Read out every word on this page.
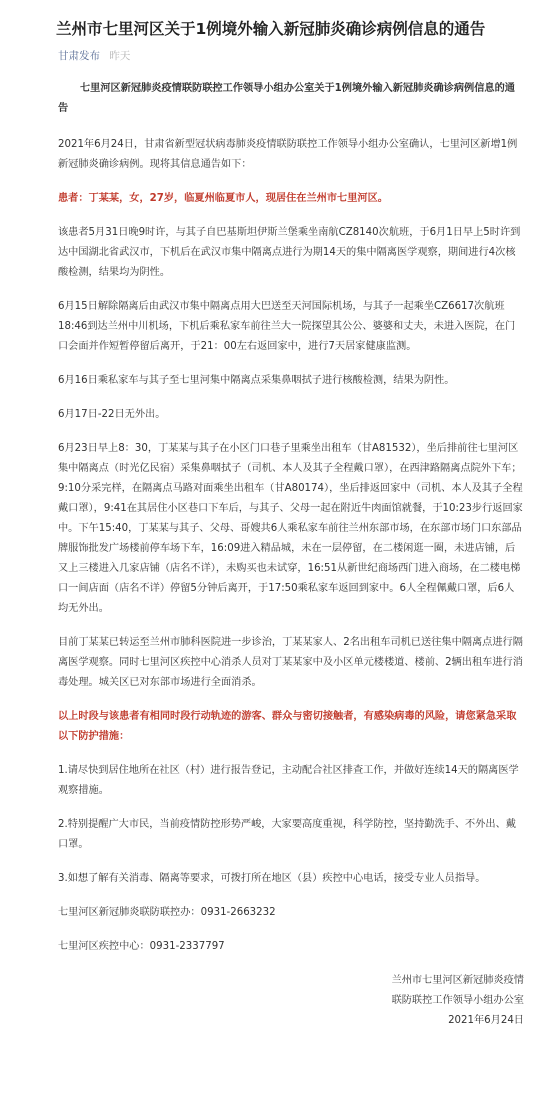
兰州市七里河区关于1例境外输入新冠肺炎确诊病例信息的通告
甘肃发布 昨天

七里河区新冠肺炎疫情联防联控工作领导小组办公室关于1例境外输入新冠肺炎确诊病例信息的通告

2021年6月24日，甘肃省新型冠状病毒肺炎疫情联防联控工作领导小组办公室确认，七里河区新增1例新冠肺炎确诊病例。现将其信息通告如下：

患者：丁某某，女，27岁，临夏州临夏市人，现居住在兰州市七里河区。

该患者5月31日晚9时许，与其子自巴基斯坦伊斯兰堡乘坐南航CZ8140次航班，于6月1日早上5时许到达中国湖北省武汉市，下机后在武汉市集中隔离点进行为期14天的集中隔离医学观察，期间进行4次核酸检测，结果均为阴性。

6月15日解除隔离后由武汉市集中隔离点用大巴送至天河国际机场，与其子一起乘坐CZ6617次航班18:46到达兰州中川机场，下机后乘私家车前往兰大一院探望其公公、婆婆和丈夫，未进入医院，在门口会面并作短暂停留后离开，于21：00左右返回家中，进行7天居家健康监测。

6月16日乘私家车与其子至七里河集中隔离点采集鼻咽拭子进行核酸检测，结果为阴性。

6月17日-22日无外出。

6月23日早上8：30，丁某某与其子在小区门口巷子里乘坐出租车（甘A81532），坐后排前往七里河区集中隔离点（时光亿民宿）采集鼻咽拭子（司机、本人及其子全程戴口罩），在西津路隔离点院外下车；9:10分采完样，在隔离点马路对面乘坐出租车（甘A80174），坐后排返回家中（司机、本人及其子全程戴口罩），9:41在其居住小区巷口下车后，与其子、父母一起在附近牛肉面馆就餐，于10:23步行返回家中。下午15:40，丁某某与其子、父母、哥嫂共6人乘私家车前往兰州东部市场，在东部市场门口东部品牌服饰批发广场楼前停车场下车，16:09进入精品城，未在一层停留，在二楼闲逛一圈，未进店铺，后又上三楼进入几家店铺（店名不详），未购买也未试穿，16:51从新世纪商场西门进入商场，在二楼电梯口一间店面（店名不详）停留5分钟后离开，于17:50乘私家车返回到家中。6人全程佩戴口罩，后6人均无外出。

目前丁某某已转运至兰州市肺科医院进一步诊治，丁某某家人、2名出租车司机已送往集中隔离点进行隔离医学观察。同时七里河区疾控中心消杀人员对丁某某家中及小区单元楼楼道、楼前、2辆出租车进行消毒处理。城关区已对东部市场进行全面消杀。

以上时段与该患者有相同时段行动轨迹的游客、群众与密切接触者，有感染病毒的风险，请您紧急采取以下防护措施：

1.请尽快到居住地所在社区（村）进行报告登记，主动配合社区排查工作，并做好连续14天的隔离医学观察措施。

2.特别提醒广大市民，当前疫情防控形势严峻，大家要高度重视，科学防控，坚持勤洗手、不外出、戴口罩。

3.如想了解有关消毒、隔离等要求，可拨打所在地区（县）疾控中心电话，接受专业人员指导。

七里河区新冠肺炎联防联控办：0931-2663232

七里河区疾控中心：0931-2337797

兰州市七里河区新冠肺炎疫情
联防联控工作领导小组办公室
2021年6月24日
